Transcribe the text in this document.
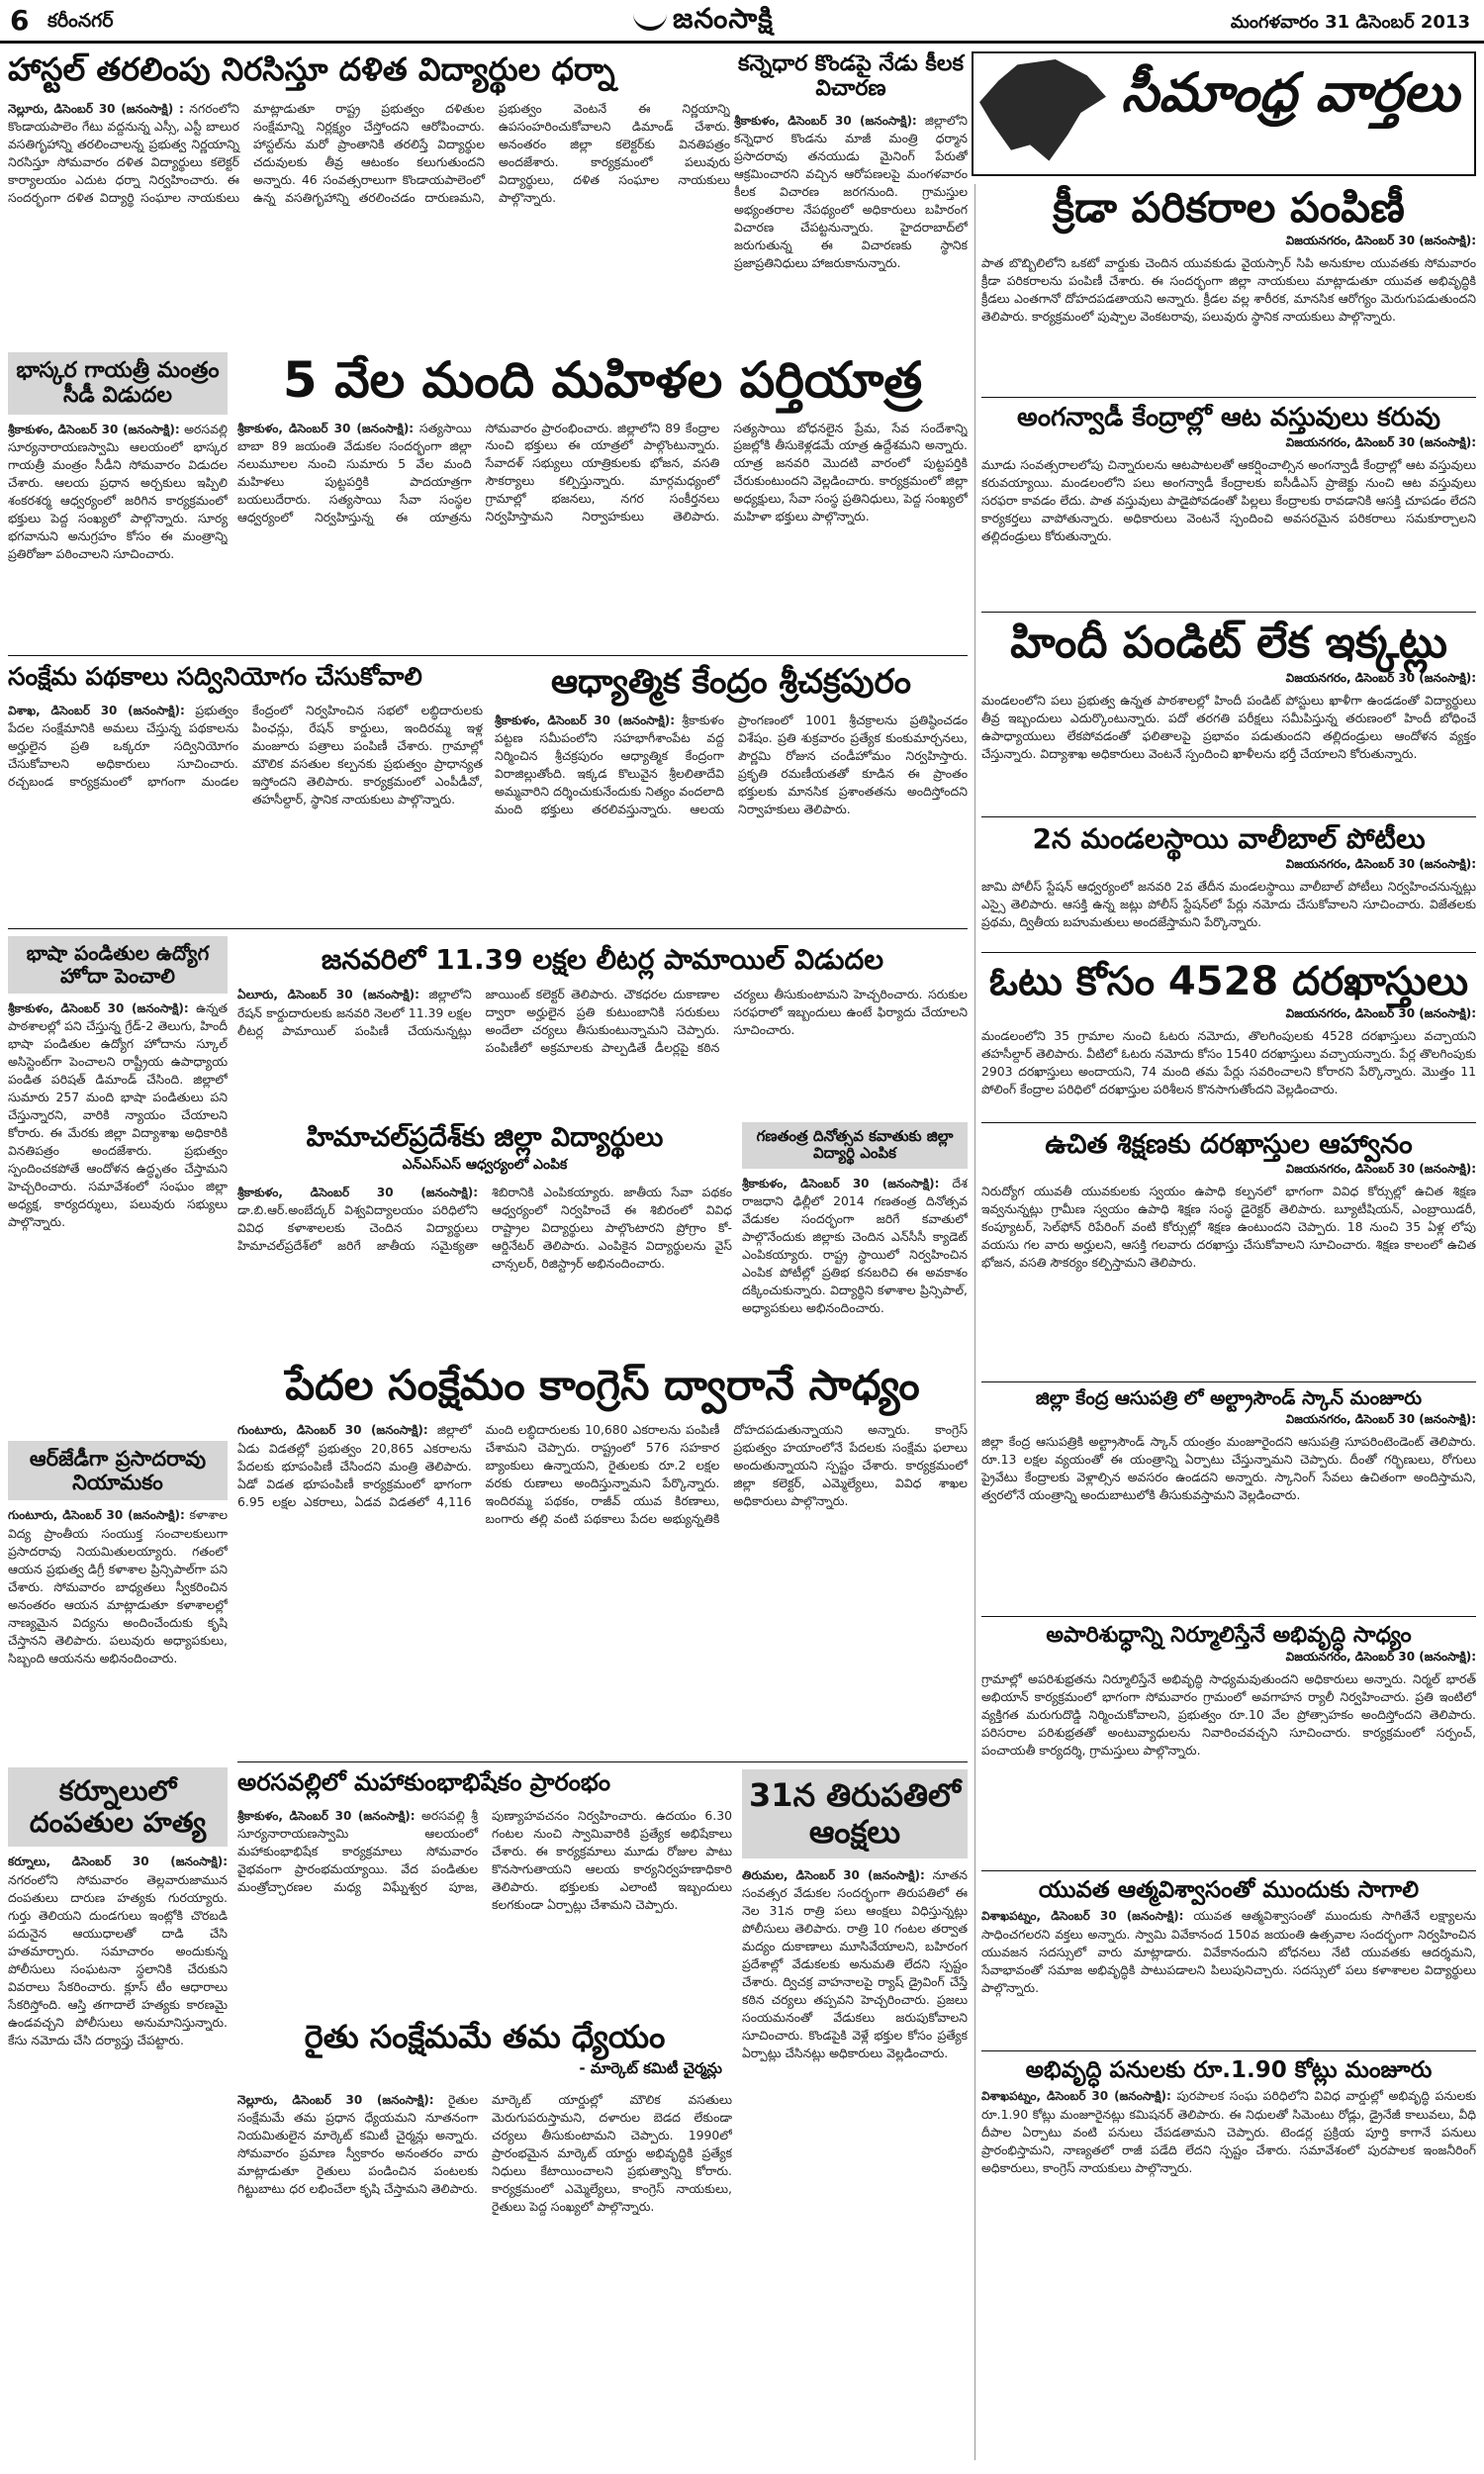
6 కరీంనగర్	జనంసాక్షి	మంగళవారం 31 డిసెంబర్ 2013
హాస్టల్ తరలింపు నిరసిస్తూ దళిత విద్యార్థుల ధర్నా
నెల్లూరు, డిసెంబర్ 30 (జనంసాక్షి) : నగరంలోని కొండాయపాలెం గేటు వద్దనున్న ఎస్సీ, ఎస్టీ బాలుర వసతిగృహాన్ని తరలించాలన్న ప్రభుత్వ నిర్ణయాన్ని నిరసిస్తూ సోమవారం దళిత విద్యార్థులు కలెక్టర్ కార్యాలయం ఎదుట ధర్నా నిర్వహించారు. ఈ సందర్భంగా దళిత విద్యార్థి సంఘాల నాయకులు మాట్లాడుతూ రాష్ట్ర ప్రభుత్వం దళితుల సంక్షేమాన్ని నిర్లక్ష్యం చేస్తోందని ఆరోపించారు. హాస్టల్‌ను మరో ప్రాంతానికి తరలిస్తే విద్యార్థుల చదువులకు తీవ్ర ఆటంకం కలుగుతుందని అన్నారు. 46 సంవత్సరాలుగా కొండాయపాలెంలో ఉన్న వసతిగృహాన్ని తరలించడం దారుణమని, ప్రభుత్వం వెంటనే ఈ నిర్ణయాన్ని ఉపసంహరించుకోవాలని డిమాండ్ చేశారు. అనంతరం జిల్లా కలెక్టర్‌కు వినతిపత్రం అందజేశారు. కార్యక్రమంలో పలువురు విద్యార్థులు, దళిత సంఘాల నాయకులు పాల్గొన్నారు.
కన్నెధార కొండపై నేడు కీలక విచారణ
శ్రీకాకుళం, డిసెంబర్ 30 (జనంసాక్షి): జిల్లాలోని కన్నెధార కొండను మాజీ మంత్రి ధర్మాన ప్రసాదరావు తనయుడు మైనింగ్ పేరుతో ఆక్రమించారని వచ్చిన ఆరోపణలపై మంగళవారం కీలక విచారణ జరగనుంది. గ్రామస్తుల అభ్యంతరాల నేపథ్యంలో అధికారులు బహిరంగ విచారణ చేపట్టనున్నారు. హైదరాబాద్‌లో జరుగుతున్న ఈ విచారణకు స్థానిక ప్రజాప్రతినిధులు హాజరుకానున్నారు.
సీమాంధ్ర వార్తలు
క్రీడా పరికరాల పంపిణీ
విజయనగరం, డిసెంబర్ 30 (జనంసాక్షి):
పాత బొబ్బిలిలోని ఒకటో వార్డుకు చెందిన యువకుడు వైయస్సార్ సిపి అనుకూల యువతకు సోమవారం క్రీడా పరికరాలను పంపిణీ చేశారు. ఈ సందర్భంగా జిల్లా నాయకులు మాట్లాడుతూ యువత అభివృద్ధికి క్రీడలు ఎంతగానో దోహదపడతాయని అన్నారు. క్రీడల వల్ల శారీరక, మానసిక ఆరోగ్యం మెరుగుపడుతుందని తెలిపారు. కార్యక్రమంలో పుష్పాల వెంకటరావు, పలువురు స్థానిక నాయకులు పాల్గొన్నారు.
అంగన్వాడీ కేంద్రాల్లో ఆట వస్తువులు కరువు
విజయనగరం, డిసెంబర్ 30 (జనంసాక్షి):
మూడు సంవత్సరాలలోపు చిన్నారులను ఆటపాటలతో ఆకర్షించాల్సిన అంగన్వాడీ కేంద్రాల్లో ఆట వస్తువులు కరువయ్యాయి. మండలంలోని పలు అంగన్వాడీ కేంద్రాలకు ఐసీడీఎస్ ప్రాజెక్టు నుంచి ఆట వస్తువులు సరఫరా కావడం లేదు. పాత వస్తువులు పాడైపోవడంతో పిల్లలు కేంద్రాలకు రావడానికి ఆసక్తి చూపడం లేదని కార్యకర్తలు వాపోతున్నారు. అధికారులు వెంటనే స్పందించి అవసరమైన పరికరాలు సమకూర్చాలని తల్లిదండ్రులు కోరుతున్నారు.
హిందీ పండిట్ లేక ఇక్కట్లు
విజయనగరం, డిసెంబర్ 30 (జనంసాక్షి):
మండలంలోని పలు ప్రభుత్వ ఉన్నత పాఠశాలల్లో హిందీ పండిట్ పోస్టులు ఖాళీగా ఉండడంతో విద్యార్థులు తీవ్ర ఇబ్బందులు ఎదుర్కొంటున్నారు. పదో తరగతి పరీక్షలు సమీపిస్తున్న తరుణంలో హిందీ బోధించే ఉపాధ్యాయులు లేకపోవడంతో ఫలితాలపై ప్రభావం పడుతుందని తల్లిదండ్రులు ఆందోళన వ్యక్తం చేస్తున్నారు. విద్యాశాఖ అధికారులు వెంటనే స్పందించి ఖాళీలను భర్తీ చేయాలని కోరుతున్నారు.
2న మండలస్థాయి వాలీబాల్ పోటీలు
విజయనగరం, డిసెంబర్ 30 (జనంసాక్షి):
జామి పోలీస్ స్టేషన్ ఆధ్వర్యంలో జనవరి 2వ తేదీన మండలస్థాయి వాలీబాల్ పోటీలు నిర్వహించనున్నట్లు ఎస్సై తెలిపారు. ఆసక్తి ఉన్న జట్లు పోలీస్ స్టేషన్‌లో పేర్లు నమోదు చేసుకోవాలని సూచించారు. విజేతలకు ప్రథమ, ద్వితీయ బహుమతులు అందజేస్తామని పేర్కొన్నారు.
ఓటు కోసం 4528 దరఖాస్తులు
విజయనగరం, డిసెంబర్ 30 (జనంసాక్షి):
మండలంలోని 35 గ్రామాల నుంచి ఓటరు నమోదు, తొలగింపులకు 4528 దరఖాస్తులు వచ్చాయని తహసీల్దార్ తెలిపారు. వీటిలో ఓటరు నమోదు కోసం 1540 దరఖాస్తులు వచ్చాయన్నారు. పేర్ల తొలగింపుకు 2903 దరఖాస్తులు అందాయని, 74 మంది తమ పేర్లు సవరించాలని కోరారని పేర్కొన్నారు. మొత్తం 11 పోలింగ్ కేంద్రాల పరిధిలో దరఖాస్తుల పరిశీలన కొనసాగుతోందని వెల్లడించారు.
ఉచిత శిక్షణకు దరఖాస్తుల ఆహ్వానం
విజయనగరం, డిసెంబర్ 30 (జనంసాక్షి):
నిరుద్యోగ యువతీ యువకులకు స్వయం ఉపాధి కల్పనలో భాగంగా వివిధ కోర్సుల్లో ఉచిత శిక్షణ ఇవ్వనున్నట్లు గ్రామీణ స్వయం ఉపాధి శిక్షణ సంస్థ డైరెక్టర్ తెలిపారు. బ్యూటీషియన్, ఎంబ్రాయిడరీ, కంప్యూటర్, సెల్‌ఫోన్ రిపేరింగ్ వంటి కోర్సుల్లో శిక్షణ ఉంటుందని చెప్పారు. 18 నుంచి 35 ఏళ్ల లోపు వయసు గల వారు అర్హులని, ఆసక్తి గలవారు దరఖాస్తు చేసుకోవాలని సూచించారు. శిక్షణ కాలంలో ఉచిత భోజన, వసతి సౌకర్యం కల్పిస్తామని తెలిపారు.
జిల్లా కేంద్ర ఆసుపత్రి లో అల్ట్రాసౌండ్ స్కాన్ మంజూరు
విజయనగరం, డిసెంబర్ 30 (జనంసాక్షి):
జిల్లా కేంద్ర ఆసుపత్రికి అల్ట్రాసౌండ్ స్కాన్ యంత్రం మంజూరైందని ఆసుపత్రి సూపరింటెండెంట్ తెలిపారు. రూ.13 లక్షల వ్యయంతో ఈ యంత్రాన్ని ఏర్పాటు చేస్తున్నామని చెప్పారు. దీంతో గర్భిణులు, రోగులు ప్రైవేటు కేంద్రాలకు వెళ్లాల్సిన అవసరం ఉండదని అన్నారు. స్కానింగ్ సేవలు ఉచితంగా అందిస్తామని, త్వరలోనే యంత్రాన్ని అందుబాటులోకి తీసుకువస్తామని వెల్లడించారు.
అపారిశుధ్ధాన్ని నిర్మూలిస్తేనే అభివృద్ధి సాధ్యం
విజయనగరం, డిసెంబర్ 30 (జనంసాక్షి):
గ్రామాల్లో అపరిశుభ్రతను నిర్మూలిస్తేనే అభివృద్ధి సాధ్యమవుతుందని అధికారులు అన్నారు. నిర్మల్ భారత్ అభియాన్ కార్యక్రమంలో భాగంగా సోమవారం గ్రామంలో అవగాహన ర్యాలీ నిర్వహించారు. ప్రతి ఇంటిలో వ్యక్తిగత మరుగుదొడ్డి నిర్మించుకోవాలని, ప్రభుత్వం రూ.10 వేల ప్రోత్సాహకం అందిస్తోందని తెలిపారు. పరిసరాల పరిశుభ్రతతో అంటువ్యాధులను నివారించవచ్చని సూచించారు. కార్యక్రమంలో సర్పంచ్, పంచాయతీ కార్యదర్శి, గ్రామస్తులు పాల్గొన్నారు.
యువత ఆత్మవిశ్వాసంతో ముందుకు సాగాలి
విశాఖపట్నం, డిసెంబర్ 30 (జనంసాక్షి): యువత ఆత్మవిశ్వాసంతో ముందుకు సాగితేనే లక్ష్యాలను సాధించగలరని వక్తలు అన్నారు. స్వామి వివేకానంద 150వ జయంతి ఉత్సవాల సందర్భంగా నిర్వహించిన యువజన సదస్సులో వారు మాట్లాడారు. వివేకానందుని బోధనలు నేటి యువతకు ఆదర్శమని, సేవాభావంతో సమాజ అభివృద్ధికి పాటుపడాలని పిలుపునిచ్చారు. సదస్సులో పలు కళాశాలల విద్యార్థులు పాల్గొన్నారు.
అభివృద్ధి పనులకు రూ.1.90 కోట్లు మంజూరు
విశాఖపట్నం, డిసెంబర్ 30 (జనంసాక్షి): పురపాలక సంఘ పరిధిలోని వివిధ వార్డుల్లో అభివృద్ధి పనులకు రూ.1.90 కోట్లు మంజూరైనట్లు కమిషనర్ తెలిపారు. ఈ నిధులతో సిమెంటు రోడ్లు, డ్రైనేజీ కాలువలు, వీధి దీపాల ఏర్పాటు వంటి పనులు చేపడతామని చెప్పారు. టెండర్ల ప్రక్రియ పూర్తి కాగానే పనులు ప్రారంభిస్తామని, నాణ్యతలో రాజీ పడేది లేదని స్పష్టం చేశారు. సమావేశంలో పురపాలక ఇంజనీరింగ్ అధికారులు, కాంగ్రెస్ నాయకులు పాల్గొన్నారు.
భాస్కర గాయత్రీ మంత్రం సీడీ విడుదల
శ్రీకాకుళం, డిసెంబర్ 30 (జనంసాక్షి): అరసవల్లి సూర్యనారాయణస్వామి ఆలయంలో భాస్కర గాయత్రీ మంత్రం సీడీని సోమవారం విడుదల చేశారు. ఆలయ ప్రధాన అర్చకులు ఇప్పిలి శంకరశర్మ ఆధ్వర్యంలో జరిగిన కార్యక్రమంలో భక్తులు పెద్ద సంఖ్యలో పాల్గొన్నారు. సూర్య భగవానుని అనుగ్రహం కోసం ఈ మంత్రాన్ని ప్రతిరోజూ పఠించాలని సూచించారు.
5 వేల మంది మహిళల పర్తియాత్ర
శ్రీకాకుళం, డిసెంబర్ 30 (జనంసాక్షి): సత్యసాయి బాబా 89 జయంతి వేడుకల సందర్భంగా జిల్లా నలుమూలల నుంచి సుమారు 5 వేల మంది మహిళలు పుట్టపర్తికి పాదయాత్రగా బయలుదేరారు. సత్యసాయి సేవా సంస్థల ఆధ్వర్యంలో నిర్వహిస్తున్న ఈ యాత్రను సోమవారం ప్రారంభించారు. జిల్లాలోని 89 కేంద్రాల నుంచి భక్తులు ఈ యాత్రలో పాల్గొంటున్నారు. సేవాదళ్ సభ్యులు యాత్రికులకు భోజన, వసతి సౌకర్యాలు కల్పిస్తున్నారు. మార్గమధ్యంలో గ్రామాల్లో భజనలు, నగర సంకీర్తనలు నిర్వహిస్తామని నిర్వాహకులు తెలిపారు. సత్యసాయి బోధనలైన ప్రేమ, సేవ సందేశాన్ని ప్రజల్లోకి తీసుకెళ్లడమే యాత్ర ఉద్దేశమని అన్నారు. యాత్ర జనవరి మొదటి వారంలో పుట్టపర్తికి చేరుకుంటుందని వెల్లడించారు. కార్యక్రమంలో జిల్లా అధ్యక్షులు, సేవా సంస్థ ప్రతినిధులు, పెద్ద సంఖ్యలో మహిళా భక్తులు పాల్గొన్నారు.
సంక్షేమ పథకాలు సద్వినియోగం చేసుకోవాలి
విశాఖ, డిసెంబర్ 30 (జనంసాక్షి): ప్రభుత్వం పేదల సంక్షేమానికి అమలు చేస్తున్న పథకాలను అర్హులైన ప్రతి ఒక్కరూ సద్వినియోగం చేసుకోవాలని అధికారులు సూచించారు. రచ్చబండ కార్యక్రమంలో భాగంగా మండల కేంద్రంలో నిర్వహించిన సభలో లబ్ధిదారులకు పింఛన్లు, రేషన్ కార్డులు, ఇందిరమ్మ ఇళ్ల మంజూరు పత్రాలు పంపిణీ చేశారు. గ్రామాల్లో మౌలిక వసతుల కల్పనకు ప్రభుత్వం ప్రాధాన్యత ఇస్తోందని తెలిపారు. కార్యక్రమంలో ఎంపీడీవో, తహసీల్దార్, స్థానిక నాయకులు పాల్గొన్నారు.
ఆధ్యాత్మిక కేంద్రం శ్రీచక్రపురం
శ్రీకాకుళం, డిసెంబర్ 30 (జనంసాక్షి): శ్రీకాకుళం పట్టణ సమీపంలోని సహభాగీశాంపేట వద్ద నిర్మించిన శ్రీచక్రపురం ఆధ్యాత్మిక కేంద్రంగా విరాజిల్లుతోంది. ఇక్కడ కొలువైన శ్రీలలితాదేవి అమ్మవారిని దర్శించుకునేందుకు నిత్యం వందలాది మంది భక్తులు తరలివస్తున్నారు. ఆలయ ప్రాంగణంలో 1001 శ్రీచక్రాలను ప్రతిష్ఠించడం విశేషం. ప్రతి శుక్రవారం ప్రత్యేక కుంకుమార్చనలు, పౌర్ణమి రోజున చండీహోమం నిర్వహిస్తారు. ప్రకృతి రమణీయతతో కూడిన ఈ ప్రాంతం భక్తులకు మానసిక ప్రశాంతతను అందిస్తోందని నిర్వాహకులు తెలిపారు.
భాషా పండితుల ఉద్యోగ హోదా పెంచాలి
శ్రీకాకుళం, డిసెంబర్ 30 (జనంసాక్షి): ఉన్నత పాఠశాలల్లో పని చేస్తున్న గ్రేడ్-2 తెలుగు, హిందీ భాషా పండితుల ఉద్యోగ హోదాను స్కూల్ అసిస్టెంట్‌గా పెంచాలని రాష్ట్రీయ ఉపాధ్యాయ పండిత పరిషత్ డిమాండ్ చేసింది. జిల్లాలో సుమారు 257 మంది భాషా పండితులు పని చేస్తున్నారని, వారికి న్యాయం చేయాలని కోరారు. ఈ మేరకు జిల్లా విద్యాశాఖ అధికారికి వినతిపత్రం అందజేశారు. ప్రభుత్వం స్పందించకపోతే ఆందోళన ఉద్ధృతం చేస్తామని హెచ్చరించారు. సమావేశంలో సంఘం జిల్లా అధ్యక్ష, కార్యదర్శులు, పలువురు సభ్యులు పాల్గొన్నారు.
జనవరిలో 11.39 లక్షల లీటర్ల పామాయిల్ విడుదల
ఏలూరు, డిసెంబర్ 30 (జనంసాక్షి): జిల్లాలోని రేషన్ కార్డుదారులకు జనవరి నెలలో 11.39 లక్షల లీటర్ల పామాయిల్ పంపిణీ చేయనున్నట్లు జాయింట్ కలెక్టర్ తెలిపారు. చౌకధరల దుకాణాల ద్వారా అర్హులైన ప్రతి కుటుంబానికి సరుకులు అందేలా చర్యలు తీసుకుంటున్నామని చెప్పారు. పంపిణీలో అక్రమాలకు పాల్పడితే డీలర్లపై కఠిన చర్యలు తీసుకుంటామని హెచ్చరించారు. సరుకుల సరఫరాలో ఇబ్బందులు ఉంటే ఫిర్యాదు చేయాలని సూచించారు.
హిమాచల్‌ప్రదేశ్‌కు జిల్లా విద్యార్థులు
ఎన్ఎస్ఎస్ ఆధ్వర్యంలో ఎంపిక
శ్రీకాకుళం, డిసెంబర్ 30 (జనంసాక్షి): డా.బి.ఆర్.అంబేద్కర్ విశ్వవిద్యాలయం పరిధిలోని వివిధ కళాశాలలకు చెందిన విద్యార్థులు హిమాచల్‌ప్రదేశ్‌లో జరిగే జాతీయ సమైక్యతా శిబిరానికి ఎంపికయ్యారు. జాతీయ సేవా పథకం ఆధ్వర్యంలో నిర్వహించే ఈ శిబిరంలో వివిధ రాష్ట్రాల విద్యార్థులు పాల్గొంటారని ప్రోగ్రాం కో-ఆర్డినేటర్ తెలిపారు. ఎంపికైన విద్యార్థులను వైస్ చాన్సలర్, రిజిస్ట్రార్ అభినందించారు.
గణతంత్ర దినోత్సవ కవాతుకు జిల్లా విద్యార్థి ఎంపిక
శ్రీకాకుళం, డిసెంబర్ 30 (జనంసాక్షి): దేశ రాజధాని ఢిల్లీలో 2014 గణతంత్ర దినోత్సవ వేడుకల సందర్భంగా జరిగే కవాతులో పాల్గొనేందుకు జిల్లాకు చెందిన ఎన్‌సీసీ క్యాడెట్ ఎంపికయ్యారు. రాష్ట్ర స్థాయిలో నిర్వహించిన ఎంపిక పోటీల్లో ప్రతిభ కనబరిచి ఈ అవకాశం దక్కించుకున్నారు. విద్యార్థిని కళాశాల ప్రిన్సిపాల్, అధ్యాపకులు అభినందించారు.
ఆర్‌జేడీగా ప్రసాదరావు నియామకం
గుంటూరు, డిసెంబర్ 30 (జనంసాక్షి): కళాశాల విద్య ప్రాంతీయ సంయుక్త సంచాలకులుగా ప్రసాదరావు నియమితులయ్యారు. గతంలో ఆయన ప్రభుత్వ డిగ్రీ కళాశాల ప్రిన్సిపాల్‌గా పని చేశారు. సోమవారం బాధ్యతలు స్వీకరించిన అనంతరం ఆయన మాట్లాడుతూ కళాశాలల్లో నాణ్యమైన విద్యను అందించేందుకు కృషి చేస్తానని తెలిపారు. పలువురు అధ్యాపకులు, సిబ్బంది ఆయనను అభినందించారు.
పేదల సంక్షేమం కాంగ్రెస్ ద్వారానే సాధ్యం
గుంటూరు, డిసెంబర్ 30 (జనంసాక్షి): జిల్లాలో ఏడు విడతల్లో ప్రభుత్వం 20,865 ఎకరాలను పేదలకు భూపంపిణీ చేసిందని మంత్రి తెలిపారు. ఏడో విడత భూపంపిణీ కార్యక్రమంలో భాగంగా 6.95 లక్షల ఎకరాలు, ఏడవ విడతలో 4,116 మంది లబ్ధిదారులకు 10,680 ఎకరాలను పంపిణీ చేశామని చెప్పారు. రాష్ట్రంలో 576 సహకార బ్యాంకులు ఉన్నాయని, రైతులకు రూ.2 లక్షల వరకు రుణాలు అందిస్తున్నామని పేర్కొన్నారు. ఇందిరమ్మ పథకం, రాజీవ్ యువ కిరణాలు, బంగారు తల్లి వంటి పథకాలు పేదల అభ్యున్నతికి దోహదపడుతున్నాయని అన్నారు. కాంగ్రెస్ ప్రభుత్వం హయాంలోనే పేదలకు సంక్షేమ ఫలాలు అందుతున్నాయని స్పష్టం చేశారు. కార్యక్రమంలో జిల్లా కలెక్టర్, ఎమ్మెల్యేలు, వివిధ శాఖల అధికారులు పాల్గొన్నారు.
కర్నూలులో దంపతుల హత్య
కర్నూలు, డిసెంబర్ 30 (జనంసాక్షి): నగరంలోని సోమవారం తెల్లవారుజామున దంపతులు దారుణ హత్యకు గురయ్యారు. గుర్తు తెలియని దుండగులు ఇంట్లోకి చొరబడి పదునైన ఆయుధాలతో దాడి చేసి హతమార్చారు. సమాచారం అందుకున్న పోలీసులు సంఘటనా స్థలానికి చేరుకుని వివరాలు సేకరించారు. క్లూస్ టీం ఆధారాలు సేకరిస్తోంది. ఆస్తి తగాదాలే హత్యకు కారణమై ఉండవచ్చని పోలీసులు అనుమానిస్తున్నారు. కేసు నమోదు చేసి దర్యాప్తు చేపట్టారు.
అరసవల్లిలో మహాకుంభాభిషేకం ప్రారంభం
శ్రీకాకుళం, డిసెంబర్ 30 (జనంసాక్షి): అరసవల్లి శ్రీ సూర్యనారాయణస్వామి ఆలయంలో మహాకుంభాభిషేక కార్యక్రమాలు సోమవారం వైభవంగా ప్రారంభమయ్యాయి. వేద పండితుల మంత్రోచ్ఛారణల మధ్య విఘ్నేశ్వర పూజ, పుణ్యాహవచనం నిర్వహించారు. ఉదయం 6.30 గంటల నుంచి స్వామివారికి ప్రత్యేక అభిషేకాలు చేశారు. ఈ కార్యక్రమాలు మూడు రోజుల పాటు కొనసాగుతాయని ఆలయ కార్యనిర్వహణాధికారి తెలిపారు. భక్తులకు ఎలాంటి ఇబ్బందులు కలగకుండా ఏర్పాట్లు చేశామని చెప్పారు.
31న తిరుపతిలో ఆంక్షలు
తిరుమల, డిసెంబర్ 30 (జనంసాక్షి): నూతన సంవత్సర వేడుకల సందర్భంగా తిరుపతిలో ఈ నెల 31న రాత్రి పలు ఆంక్షలు విధిస్తున్నట్లు పోలీసులు తెలిపారు. రాత్రి 10 గంటల తర్వాత మద్యం దుకాణాలు మూసివేయాలని, బహిరంగ ప్రదేశాల్లో వేడుకలకు అనుమతి లేదని స్పష్టం చేశారు. ద్విచక్ర వాహనాలపై ర్యాష్ డ్రైవింగ్ చేస్తే కఠిన చర్యలు తప్పవని హెచ్చరించారు. ప్రజలు సంయమనంతో వేడుకలు జరుపుకోవాలని సూచించారు. కొండపైకి వెళ్లే భక్తుల కోసం ప్రత్యేక ఏర్పాట్లు చేసినట్లు అధికారులు వెల్లడించారు.
రైతు సంక్షేమమే తమ ధ్యేయం
- మార్కెట్ కమిటీ చైర్మన్లు
నెల్లూరు, డిసెంబర్ 30 (జనంసాక్షి): రైతుల సంక్షేమమే తమ ప్రధాన ధ్యేయమని నూతనంగా నియమితులైన మార్కెట్ కమిటీ చైర్మన్లు అన్నారు. సోమవారం ప్రమాణ స్వీకారం అనంతరం వారు మాట్లాడుతూ రైతులు పండించిన పంటలకు గిట్టుబాటు ధర లభించేలా కృషి చేస్తామని తెలిపారు. మార్కెట్ యార్డుల్లో మౌలిక వసతులు మెరుగుపరుస్తామని, దళారుల బెడద లేకుండా చర్యలు తీసుకుంటామని చెప్పారు. 1990లో ప్రారంభమైన మార్కెట్ యార్డు అభివృద్ధికి ప్రత్యేక నిధులు కేటాయించాలని ప్రభుత్వాన్ని కోరారు. కార్యక్రమంలో ఎమ్మెల్యేలు, కాంగ్రెస్ నాయకులు, రైతులు పెద్ద సంఖ్యలో పాల్గొన్నారు.
